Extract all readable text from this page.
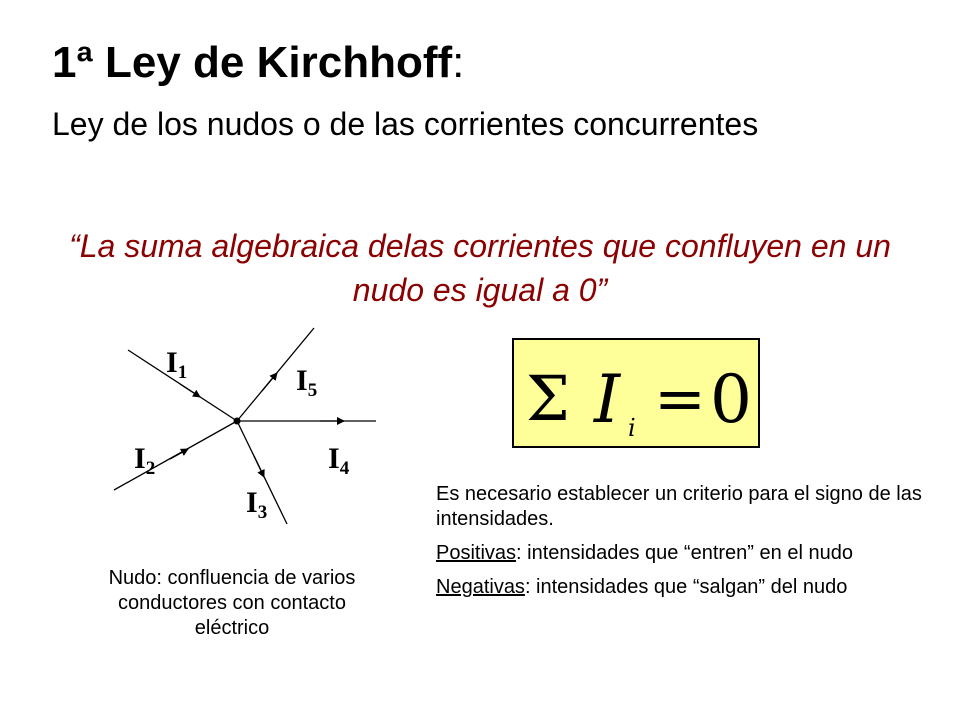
1ª Ley de Kirchhoff:
Ley de los nudos o de las corrientes concurrentes
“La suma algebraica delas corrientes que confluyen en un nudo es igual a 0”
$I_1$	$I_5$
$I_2$	$I_4$
$I_3$
Σ I i = 0
Nudo: confluencia de varios conductores con contacto eléctrico

Es necesario establecer un criterio para el signo de las intensidades.

Positivas: intensidades que “entren” en el nudo

Negativas: intensidades que “salgan” del nudo
